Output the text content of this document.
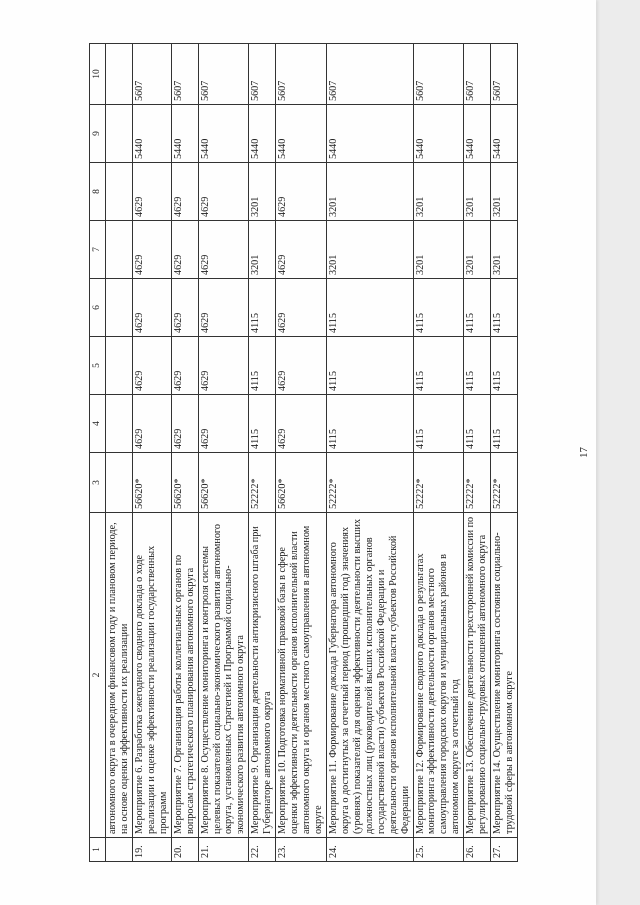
17
1	2	3	4	5	6	7	8	9	10
	автономного округа в очередном финансовом году и плановом периоде, на основе оценки эффективности их реализации								
19.	Мероприятие 6. Разработка ежегодного сводного доклада о ходе реализации и оценке эффективности реализации государственных программ	56620*	4629	4629	4629	4629	4629	5440	5607
20.	Мероприятие 7. Организация работы коллегиальных органов по вопросам стратегического планирования автономного округа	56620*	4629	4629	4629	4629	4629	5440	5607
21.	Мероприятие 8. Осуществление мониторинга и контроля системы целевых показателей социально-экономического развития автономного округа, установленных Стратегией и Программой социально-экономического развития автономного округа	56620*	4629	4629	4629	4629	4629	5440	5607
22.	Мероприятие 9. Организация деятельности антикризисного штаба при Губернаторе автономного округа	52222*	4115	4115	4115	3201	3201	5440	5607
23.	Мероприятие 10. Подготовка нормативной правовой базы в сфере оценки эффективности деятельности органов исполнительной власти автономного округа и органов местного самоуправления в автономном округе	56620*	4629	4629	4629	4629	4629	5440	5607
24.	Мероприятие 11. Формирование доклада Губернатора автономного округа о достигнутых за отчетный период (прошедший год) значениях (уровнях) показателей для оценки эффективности деятельности высших должностных лиц (руководителей высших исполнительных органов государственной власти) субъектов Российской Федерации и деятельности органов исполнительной власти субъектов Российской Федерации	52222*	4115	4115	4115	3201	3201	5440	5607
25.	Мероприятие 12. Формирование сводного доклада о результатах мониторинга эффективности деятельности органов местного самоуправления городских округов и муниципальных районов в автономном округе за отчетный год	52222*	4115	4115	4115	3201	3201	5440	5607
26.	Мероприятие 13. Обеспечение деятельности трехсторонней комиссии по регулированию социально-трудовых отношений автономного округа	52222*	4115	4115	4115	3201	3201	5440	5607
27.	Мероприятие 14. Осуществление мониторинга состояния социально-трудовой сферы в автономном округе	52222*	4115	4115	4115	3201	3201	5440	5607
